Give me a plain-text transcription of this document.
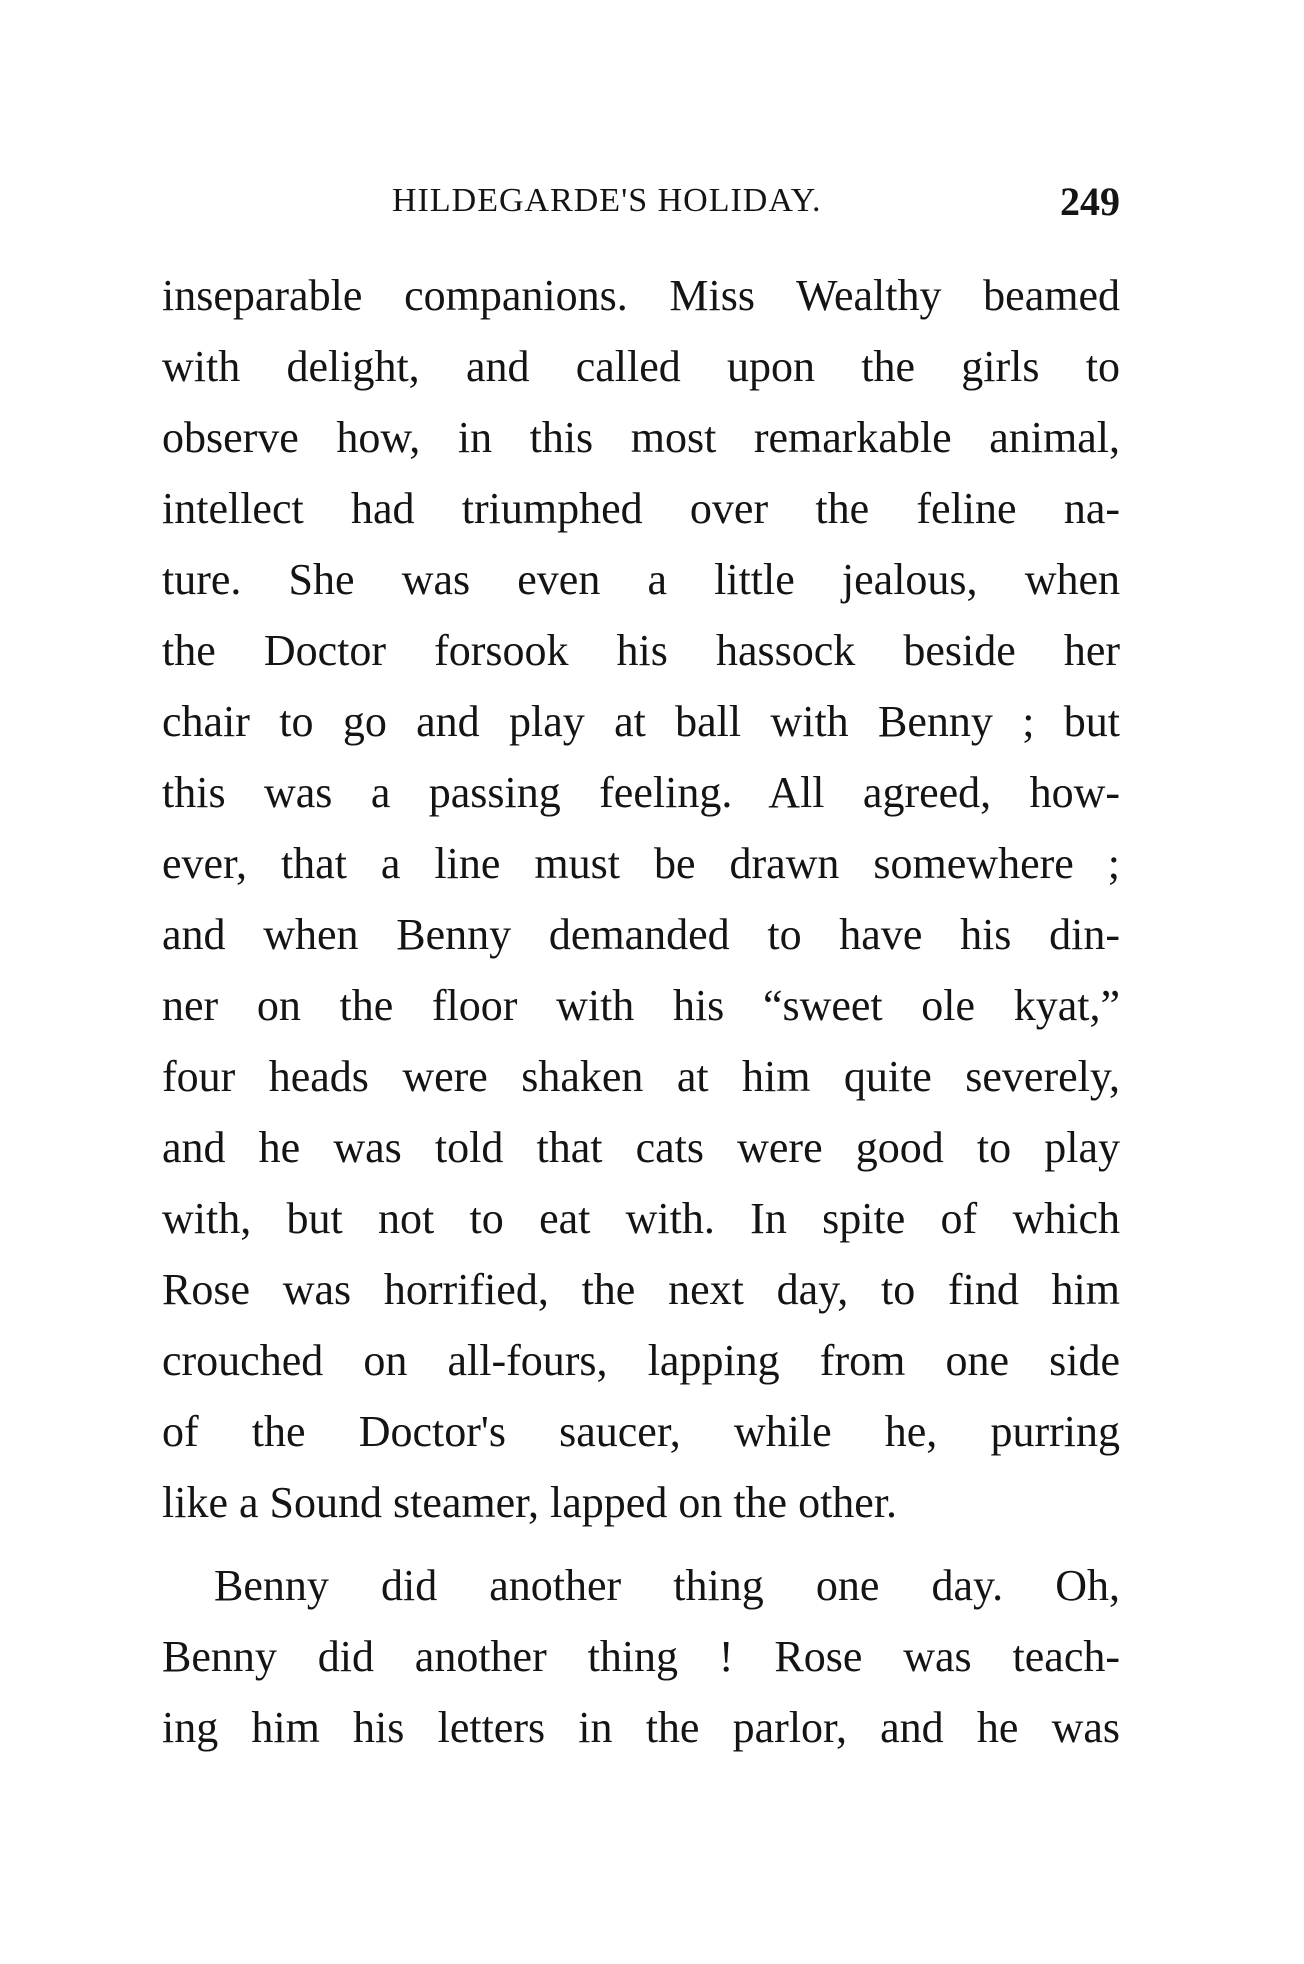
HILDEGARDE'S HOLIDAY.	249
inseparable companions. Miss Wealthy beamed
with delight, and called upon the girls to
observe how, in this most remarkable animal,
intellect had triumphed over the feline na-
ture. She was even a little jealous, when
the Doctor forsook his hassock beside her
chair to go and play at ball with Benny ; but
this was a passing feeling. All agreed, how-
ever, that a line must be drawn somewhere ;
and when Benny demanded to have his din-
ner on the floor with his “sweet ole kyat,”
four heads were shaken at him quite severely,
and he was told that cats were good to play
with, but not to eat with. In spite of which
Rose was horrified, the next day, to find him
crouched on all-fours, lapping from one side
of the Doctor's saucer, while he, purring
like a Sound steamer, lapped on the other.
Benny did another thing one day. Oh,
Benny did another thing ! Rose was teach-
ing him his letters in the parlor, and he was
